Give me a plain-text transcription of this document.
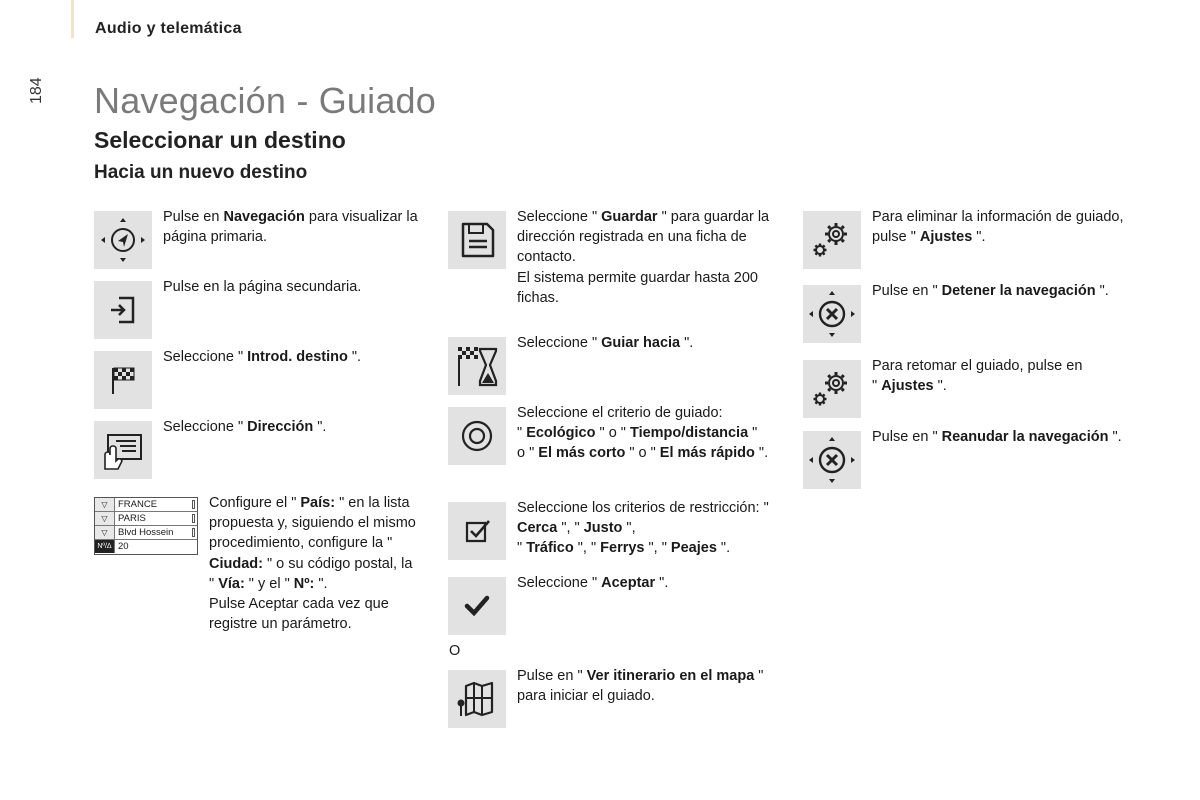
Audio y telemática
184 Navegación - Guiado
Seleccionar un destino
Hacia un nuevo destino
Pulse en Navegación para visualizar la página primaria.
Pulse en la página secundaria.
Seleccione " Introd. destino ".
Seleccione " Dirección ".
▽	FRANCE
▽	PARIS
▽	Blvd Hossein
Nº/Δ 20
Configure el " País: " en la lista propuesta y, siguiendo el mismo procedimiento, configure la " Ciudad: " o su código postal, la " Vía: " y el " Nº: ".
Pulse Aceptar cada vez que registre un parámetro.
Seleccione " Guardar " para guardar la dirección registrada en una ficha de contacto.
El sistema permite guardar hasta 200 fichas.
Seleccione " Guiar hacia ".
Seleccione el criterio de guiado:
" Ecológico " o " Tiempo/distancia "
o " El más corto " o " El más rápido ".
Seleccione los criterios de restricción: " Cerca ", " Justo ",
" Tráfico ", " Ferrys ", " Peajes ".
Seleccione " Aceptar ".
O
Pulse en " Ver itinerario en el mapa " para iniciar el guiado.
Para eliminar la información de guiado, pulse " Ajustes ".
Pulse en " Detener la navegación ".
Para retomar el guiado, pulse en
" Ajustes ".
Pulse en " Reanudar la navegación ".
